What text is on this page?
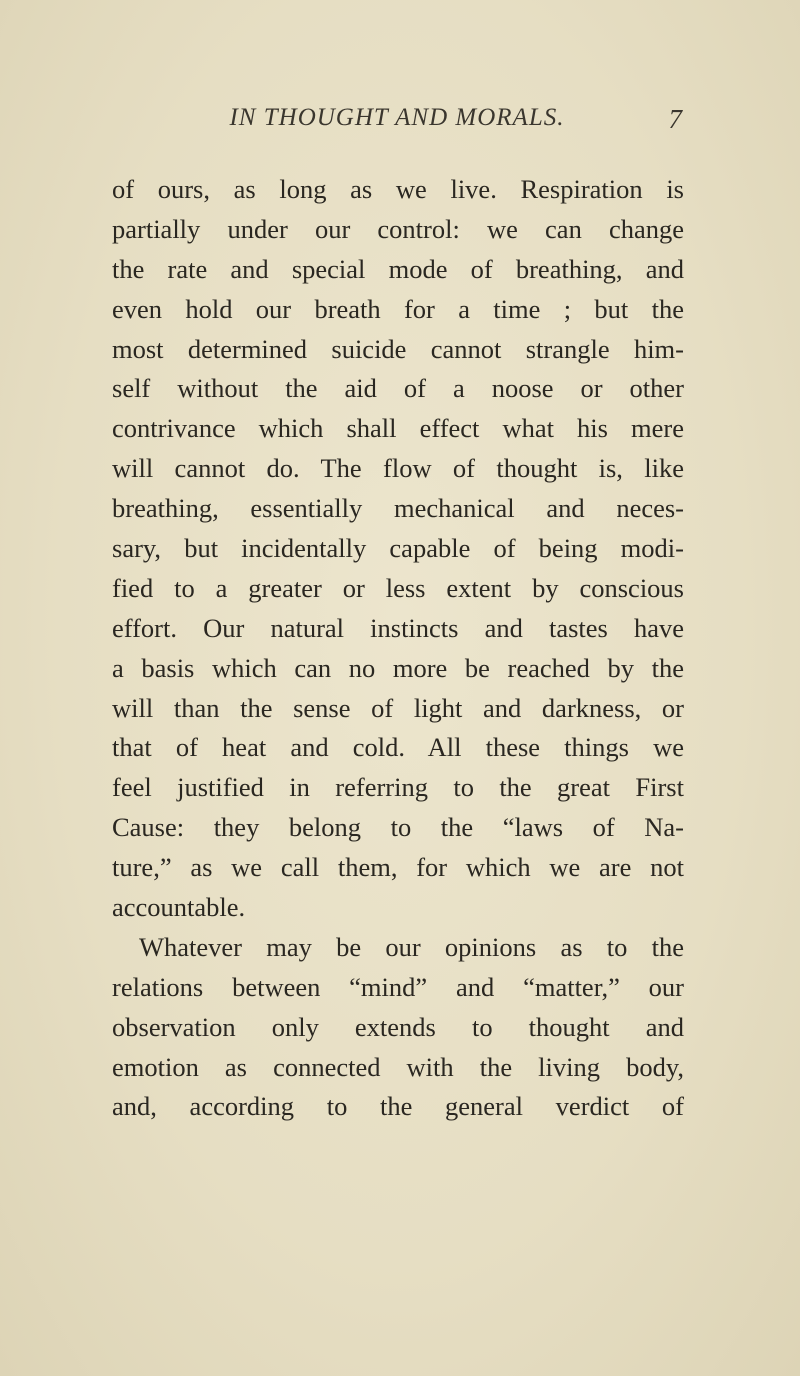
IN THOUGHT AND MORALS.	7
of ours, as long as we live. Respiration is
partially under our control: we can change
the rate and special mode of breathing, and
even hold our breath for a time ; but the
most determined suicide cannot strangle him-
self without the aid of a noose or other
contrivance which shall effect what his mere
will cannot do. The flow of thought is, like
breathing, essentially mechanical and neces-
sary, but incidentally capable of being modi-
fied to a greater or less extent by conscious
effort. Our natural instincts and tastes have
a basis which can no more be reached by the
will than the sense of light and darkness, or
that of heat and cold. All these things we
feel justified in referring to the great First
Cause: they belong to the “laws of Na-
ture,” as we call them, for which we are not
accountable.
Whatever may be our opinions as to the
relations between “mind” and “matter,” our
observation only extends to thought and
emotion as connected with the living body,
and, according to the general verdict of
